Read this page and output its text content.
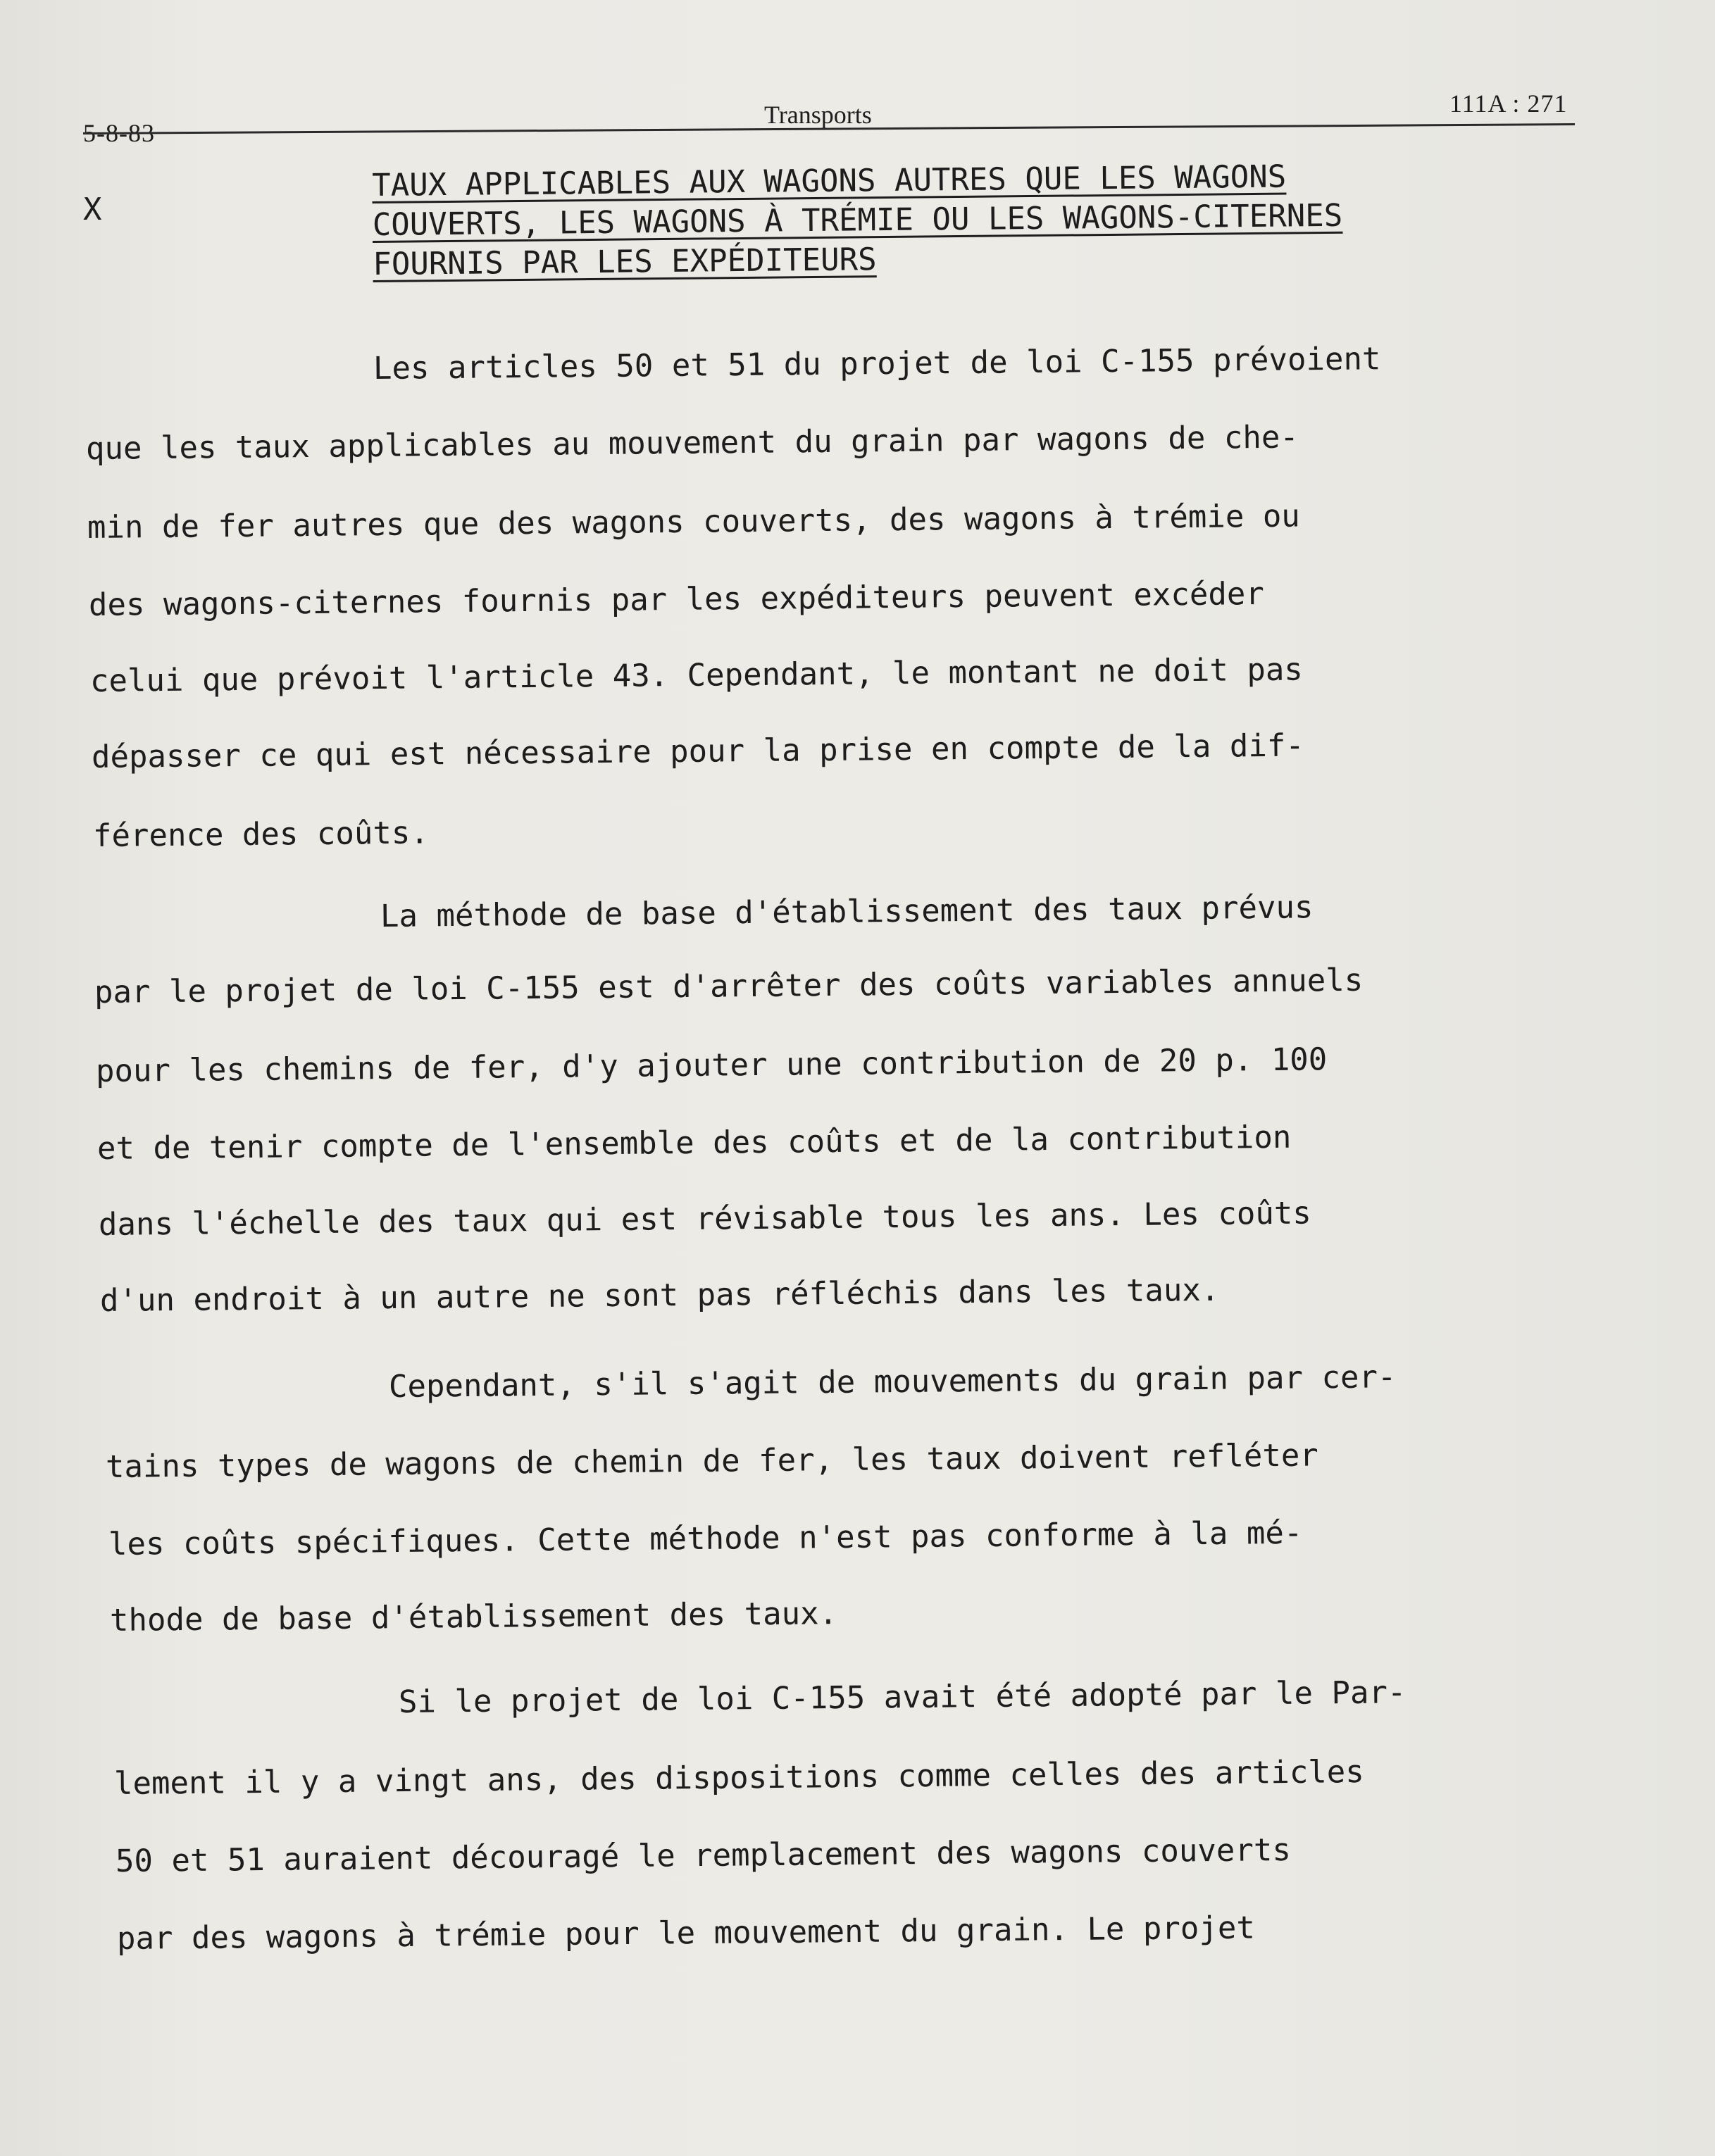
5-8-83
Transports	111A : 271
X
TAUX APPLICABLES AUX WAGONS AUTRES QUE LES WAGONS
COUVERTS, LES WAGONS À TRÉMIE OU LES WAGONS-CITERNES
FOURNIS PAR LES EXPÉDITEURS
Les articles 50 et 51 du projet de loi C-155 prévoient
que les taux applicables au mouvement du grain par wagons de che-
min de fer autres que des wagons couverts, des wagons à trémie ou
des wagons-citernes fournis par les expéditeurs peuvent excéder
celui que prévoit l'article 43. Cependant, le montant ne doit pas
dépasser ce qui est nécessaire pour la prise en compte de la dif-
férence des coûts.
La méthode de base d'établissement des taux prévus
par le projet de loi C-155 est d'arrêter des coûts variables annuels
pour les chemins de fer, d'y ajouter une contribution de 20 p. 100
et de tenir compte de l'ensemble des coûts et de la contribution
dans l'échelle des taux qui est révisable tous les ans. Les coûts
d'un endroit à un autre ne sont pas réfléchis dans les taux.
Cependant, s'il s'agit de mouvements du grain par cer-
tains types de wagons de chemin de fer, les taux doivent refléter
les coûts spécifiques. Cette méthode n'est pas conforme à la mé-
thode de base d'établissement des taux.
Si le projet de loi C-155 avait été adopté par le Par-
lement il y a vingt ans, des dispositions comme celles des articles
50 et 51 auraient découragé le remplacement des wagons couverts
par des wagons à trémie pour le mouvement du grain. Le projet
